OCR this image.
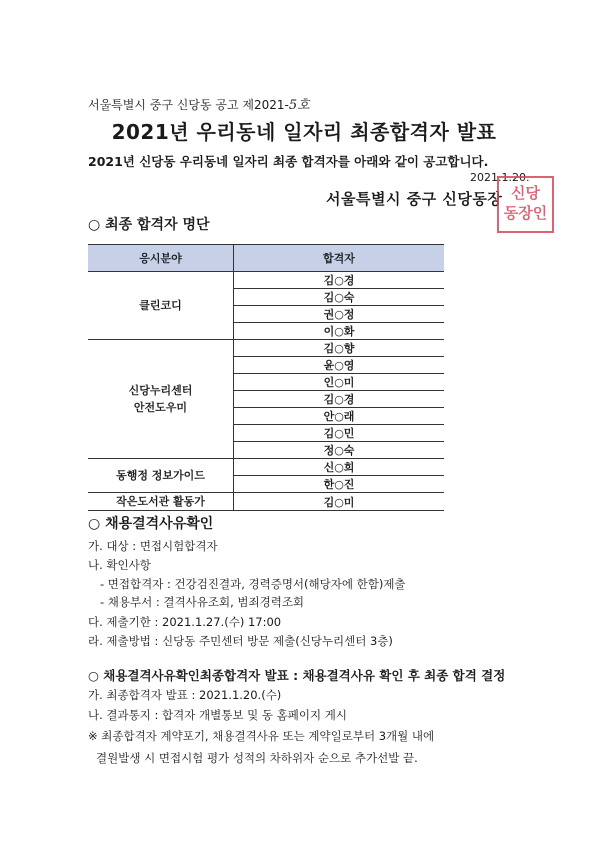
서울특별시 중구 신당동 공고 제2021-5호
2021년 우리동네 일자리 최종합격자 발표
2021년 신당동 우리동네 일자리 최종 합격자를 아래와 같이 공고합니다.
2021.1.20.
서울특별시 중구 신당동장 신당
동장인
○ 최종 합격자 명단
응시분야	합격자
클린코디	김○경
	김○숙
	권○정
	이○화
신당누리센터
안전도우미	김○향
	윤○영
	인○미
	김○경
	안○래
	김○민
	정○숙
동행정 정보가이드	신○희
	한○진
작은도서관 활동가	김○미
○ 채용결격사유확인
가. 대상 : 면접시험합격자
나. 확인사항
- 면접합격자 : 건강검진결과, 경력증명서(해당자에 한함)제출
- 채용부서 : 결격사유조회, 범죄경력조회
다. 제출기한 : 2021.1.27.(수) 17:00
라. 제출방법 : 신당동 주민센터 방문 제출(신당누리센터 3층)
○ 채용결격사유확인최종합격자 발표 : 채용결격사유 확인 후 최종 합격 결정
가. 최종합격자 발표 : 2021.1.20.(수)
나. 결과통지 : 합격자 개별통보 및 동 홈페이지 게시
※ 최종합격자 계약포기, 채용결격사유 또는 계약일로부터 3개월 내에
결원발생 시 면접시험 평가 성적의 차하위자 순으로 추가선발 끝.
